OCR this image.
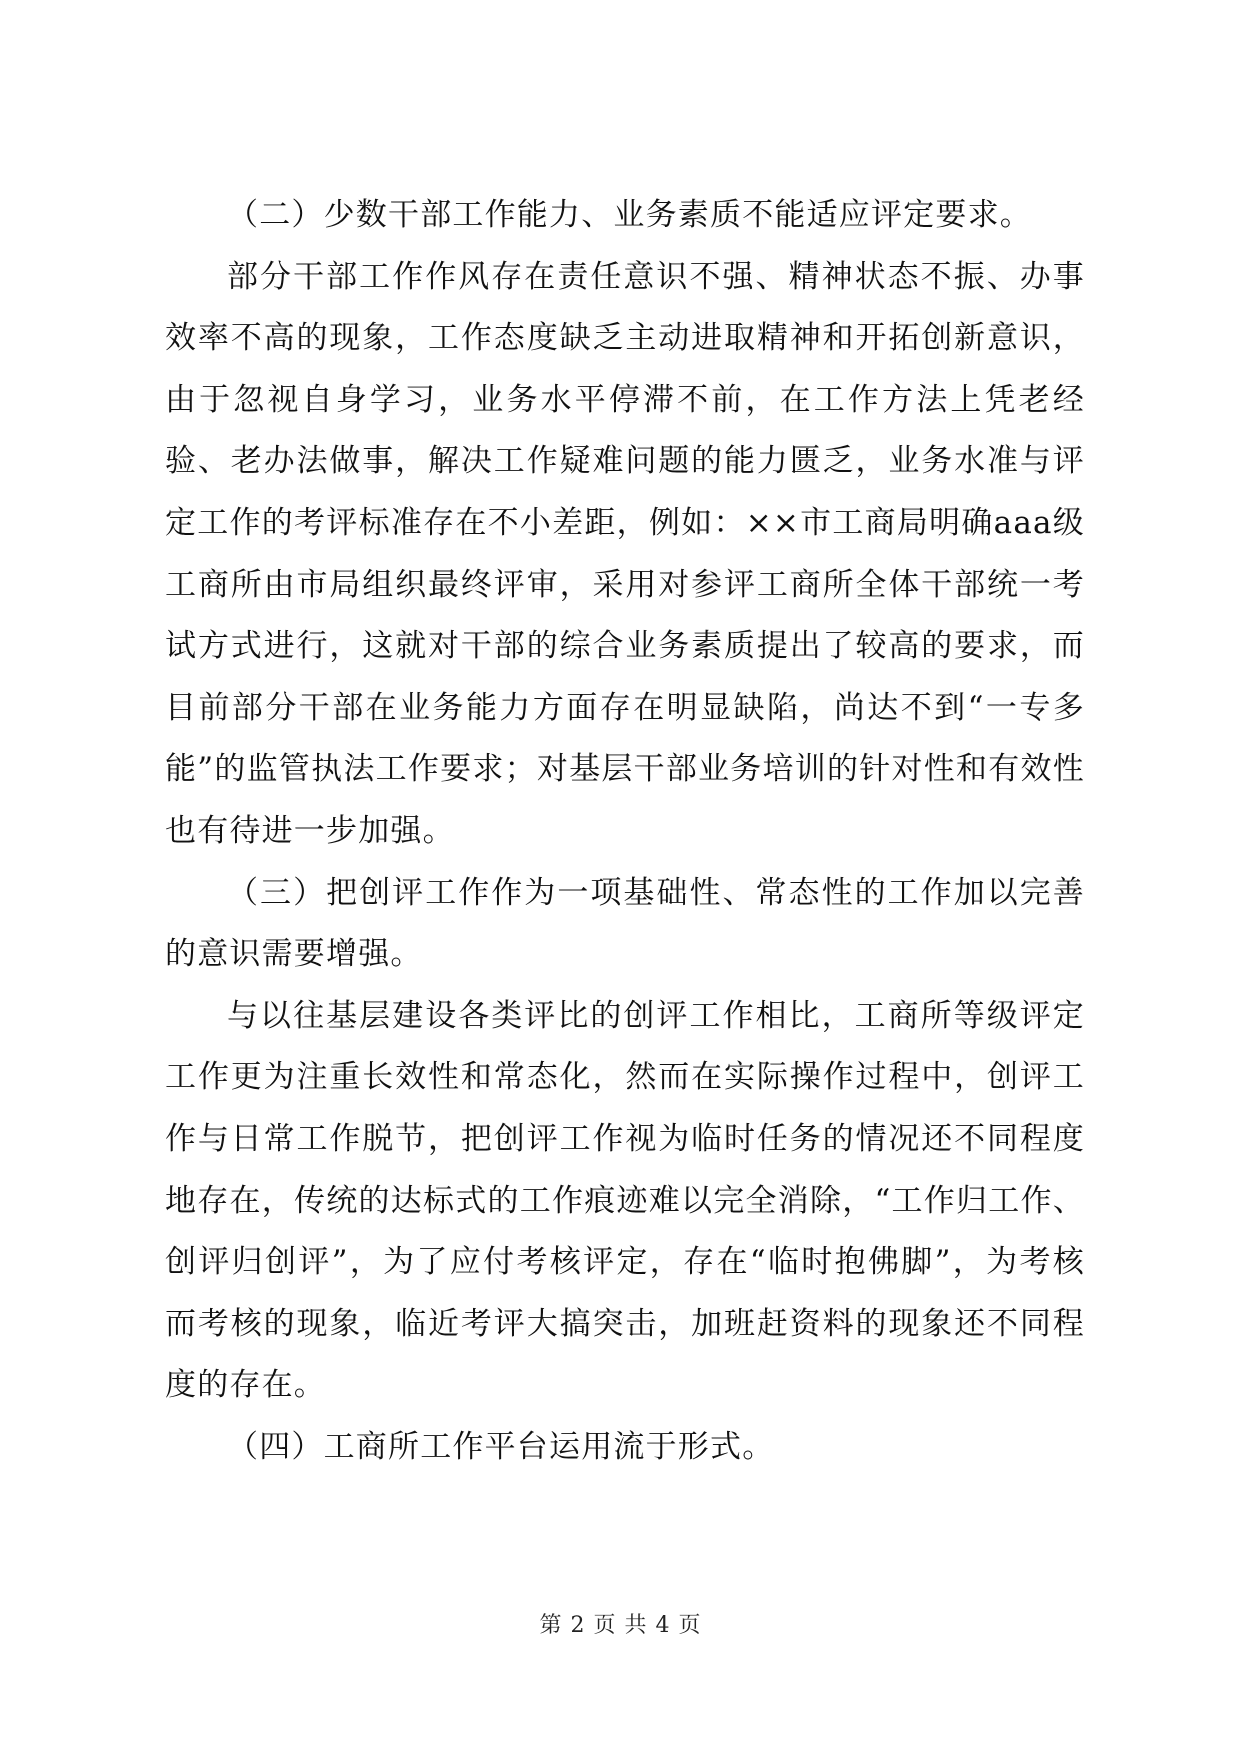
（二）少数干部工作能力、业务素质不能适应评定要求。

部分干部工作作风存在责任意识不强、精神状态不振、办事效率不高的现象，工作态度缺乏主动进取精神和开拓创新意识，由于忽视自身学习，业务水平停滞不前，在工作方法上凭老经验、老办法做事，解决工作疑难问题的能力匮乏，业务水准与评定工作的考评标准存在不小差距，例如：××市工商局明确aaa级工商所由市局组织最终评审，采用对参评工商所全体干部统一考试方式进行，这就对干部的综合业务素质提出了较高的要求，而目前部分干部在业务能力方面存在明显缺陷，尚达不到“一专多能”的监管执法工作要求；对基层干部业务培训的针对性和有效性也有待进一步加强。

（三）把创评工作作为一项基础性、常态性的工作加以完善的意识需要增强。

与以往基层建设各类评比的创评工作相比，工商所等级评定工作更为注重长效性和常态化，然而在实际操作过程中，创评工作与日常工作脱节，把创评工作视为临时任务的情况还不同程度地存在，传统的达标式的工作痕迹难以完全消除，“工作归工作、创评归创评”，为了应付考核评定，存在“临时抱佛脚”，为考核而考核的现象，临近考评大搞突击，加班赶资料的现象还不同程度的存在。

（四）工商所工作平台运用流于形式。

第 2 页 共 4 页
